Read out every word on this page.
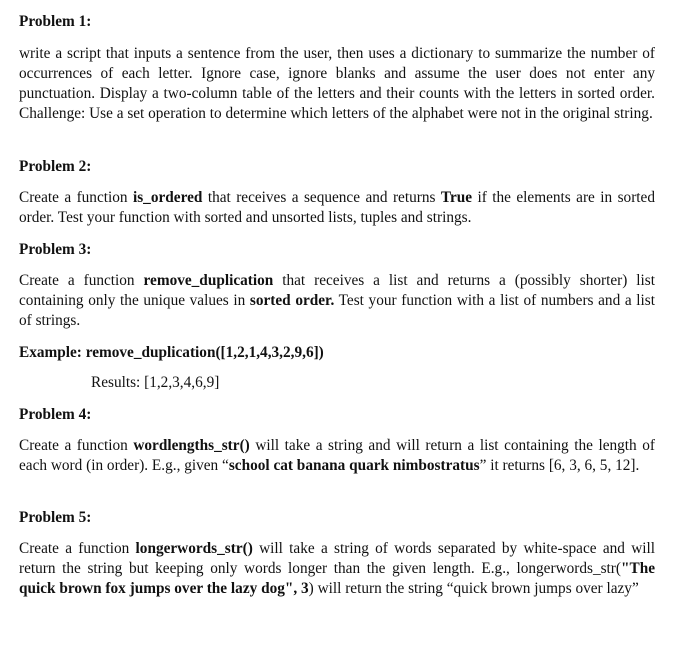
Problem 1:
write a script that inputs a sentence from the user, then uses a dictionary to summarize the number of occurrences of each letter. Ignore case, ignore blanks and assume the user does not enter any punctuation. Display a two-column table of the letters and their counts with the letters in sorted order. Challenge: Use a set operation to determine which letters of the alphabet were not in the original string.
Problem 2:
Create a function is_ordered that receives a sequence and returns True if the elements are in sorted order. Test your function with sorted and unsorted lists, tuples and strings.
Problem 3:
Create a function remove_duplication that receives a list and returns a (possibly shorter) list containing only the unique values in sorted order. Test your function with a list of numbers and a list of strings.
Example: remove_duplication([1,2,1,4,3,2,9,6])
Results: [1,2,3,4,6,9]
Problem 4:
Create a function wordlengths_str() will take a string and will return a list containing the length of each word (in order). E.g., given “school cat banana quark nimbostratus” it returns [6, 3, 6, 5, 12].
Problem 5:
Create a function longerwords_str() will take a string of words separated by white-space and will return the string but keeping only words longer than the given length. E.g., longerwords_str("The quick brown fox jumps over the lazy dog", 3) will return the string “quick brown jumps over lazy”
